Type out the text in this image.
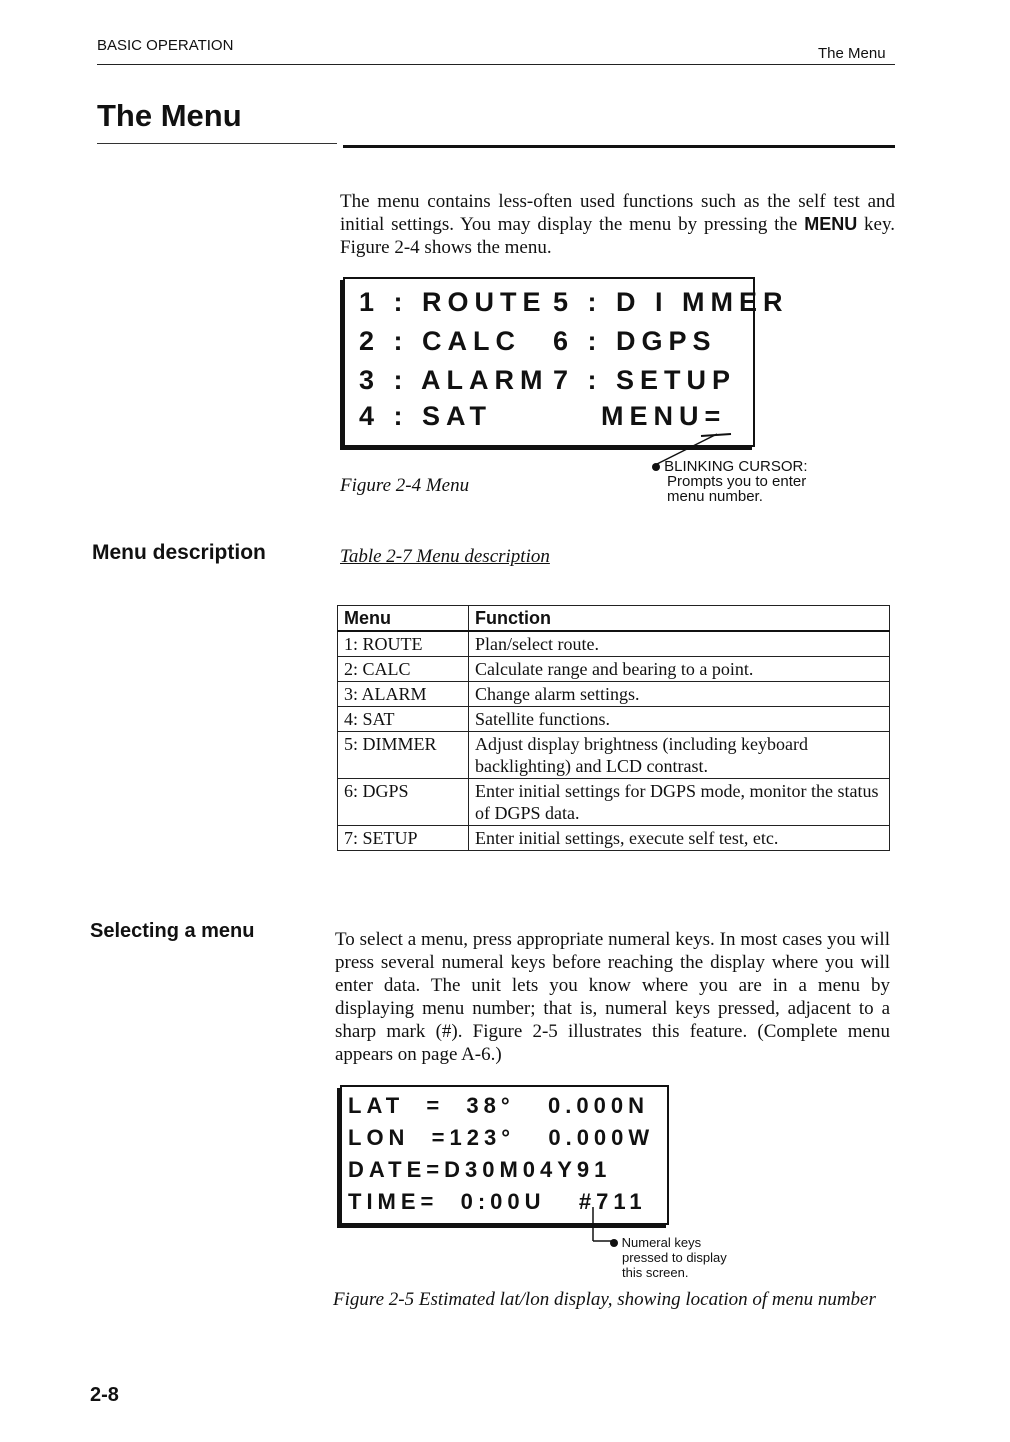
BASIC OPERATION	The Menu
The Menu
The menu contains less-often used functions such as the self test and initial settings. You may display the menu by pressing the MENU key. Figure 2-4 shows the menu.
1 : ROUTE 5 : D I MMER
2 : CALC 6 : DGPS
3 : ALARM 7 : SETUP
4 : SAT	MENU=
BLINKING CURSOR:
Prompts you to enter
menu number.
Figure 2-4 Menu
Menu description	Table 2-7 Menu description
Menu	Function
1: ROUTE	Plan/select route.
2: CALC	Calculate range and bearing to a point.
3: ALARM	Change alarm settings.
4: SAT	Satellite functions.
5: DIMMER	Adjust display brightness (including keyboard backlighting) and LCD contrast.
6: DGPS	Enter initial settings for DGPS mode, monitor the status of DGPS data.
7: SETUP	Enter initial settings, execute self test, etc.
Selecting a menu	To select a menu, press appropriate numeral keys. In most cases you will press several numeral keys before reaching the display where you will enter data. The unit lets you know where you are in a menu by displaying menu number; that is, numeral keys pressed, adjacent to a sharp mark (#). Figure 2-5 illustrates this feature. (Complete menu appears on page A-6.)
LAT  =  38°   0.000N
LON  =123°   0.000W
DATE=D30M04Y91
TIME=  0:00U   #711
Numeral keys
pressed to display
this screen.
Figure 2-5 Estimated lat/lon display, showing location of menu number
2-8
